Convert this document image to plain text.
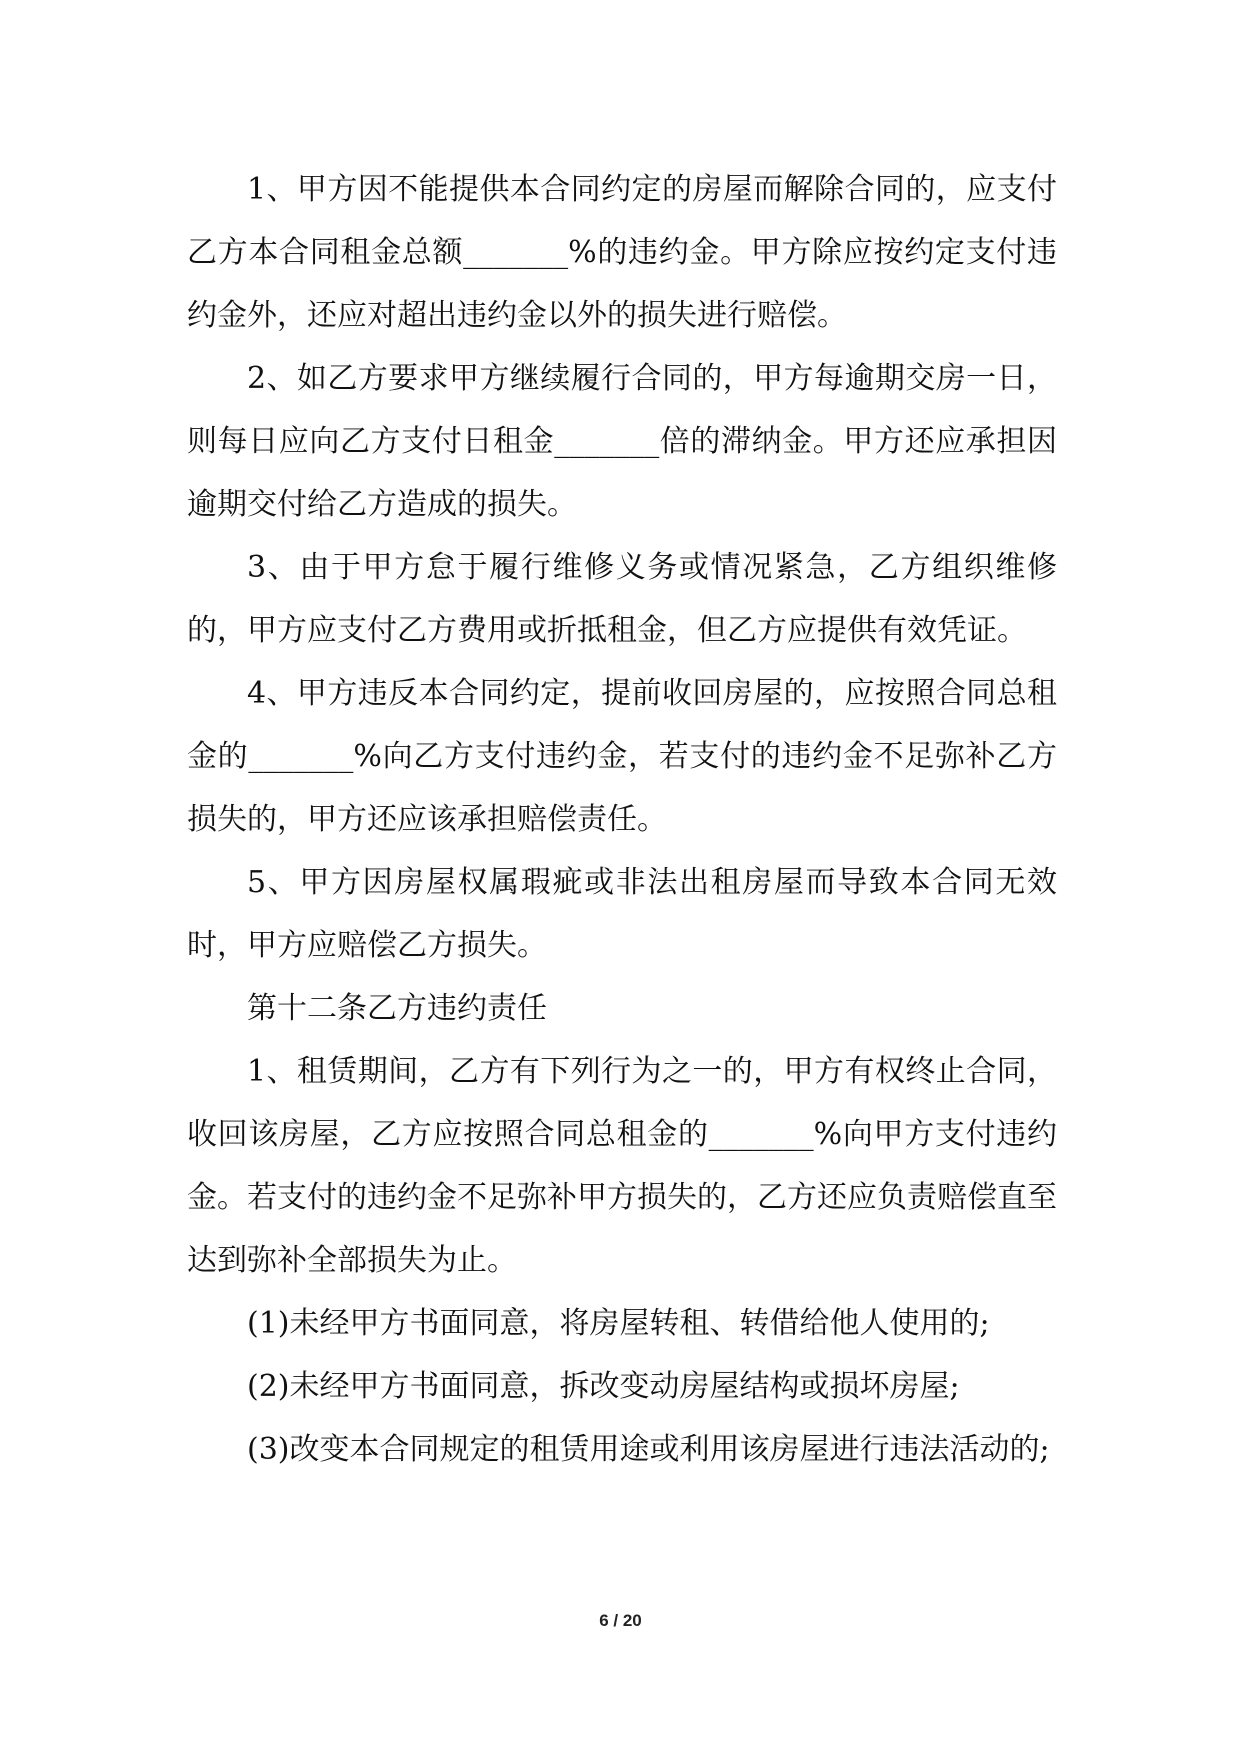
1、甲方因不能提供本合同约定的房屋而解除合同的，应支付乙方本合同租金总额_______%的违约金。甲方除应按约定支付违约金外，还应对超出违约金以外的损失进行赔偿。

2、如乙方要求甲方继续履行合同的，甲方每逾期交房一日，则每日应向乙方支付日租金_______倍的滞纳金。甲方还应承担因逾期交付给乙方造成的损失。

3、由于甲方怠于履行维修义务或情况紧急，乙方组织维修的，甲方应支付乙方费用或折抵租金，但乙方应提供有效凭证。

4、甲方违反本合同约定，提前收回房屋的，应按照合同总租金的_______%向乙方支付违约金，若支付的违约金不足弥补乙方损失的，甲方还应该承担赔偿责任。

5、甲方因房屋权属瑕疵或非法出租房屋而导致本合同无效时，甲方应赔偿乙方损失。

第十二条乙方违约责任

1、租赁期间，乙方有下列行为之一的，甲方有权终止合同，收回该房屋，乙方应按照合同总租金的_______%向甲方支付违约金。若支付的违约金不足弥补甲方损失的，乙方还应负责赔偿直至达到弥补全部损失为止。

(1)未经甲方书面同意，将房屋转租、转借给他人使用的;

(2)未经甲方书面同意，拆改变动房屋结构或损坏房屋;

(3)改变本合同规定的租赁用途或利用该房屋进行违法活动的;

6 / 20
